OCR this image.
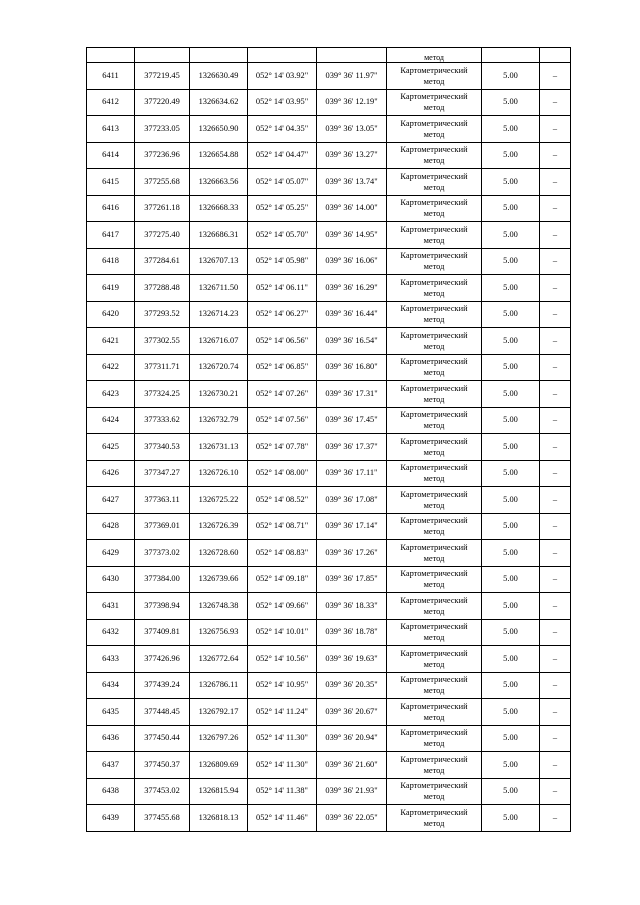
					метод		

6411	377219.45	1326630.49	052° 14' 03.92"	039° 36' 11.97"	Картометрический
метод	5.00	–
6412	377220.49	1326634.62	052° 14' 03.95"	039° 36' 12.19"	Картометрический
метод	5.00	–
6413	377233.05	1326650.90	052° 14' 04.35"	039° 36' 13.05"	Картометрический
метод	5.00	–
6414	377236.96	1326654.88	052° 14' 04.47"	039° 36' 13.27"	Картометрический
метод	5.00	–
6415	377255.68	1326663.56	052° 14' 05.07"	039° 36' 13.74"	Картометрический
метод	5.00	–
6416	377261.18	1326668.33	052° 14' 05.25"	039° 36' 14.00"	Картометрический
метод	5.00	–
6417	377275.40	1326686.31	052° 14' 05.70"	039° 36' 14.95"	Картометрический
метод	5.00	–
6418	377284.61	1326707.13	052° 14' 05.98"	039° 36' 16.06"	Картометрический
метод	5.00	–
6419	377288.48	1326711.50	052° 14' 06.11"	039° 36' 16.29"	Картометрический
метод	5.00	–
6420	377293.52	1326714.23	052° 14' 06.27"	039° 36' 16.44"	Картометрический
метод	5.00	–
6421	377302.55	1326716.07	052° 14' 06.56"	039° 36' 16.54"	Картометрический
метод	5.00	–
6422	377311.71	1326720.74	052° 14' 06.85"	039° 36' 16.80"	Картометрический
метод	5.00	–
6423	377324.25	1326730.21	052° 14' 07.26"	039° 36' 17.31"	Картометрический
метод	5.00	–
6424	377333.62	1326732.79	052° 14' 07.56"	039° 36' 17.45"	Картометрический
метод	5.00	–
6425	377340.53	1326731.13	052° 14' 07.78"	039° 36' 17.37"	Картометрический
метод	5.00	–
6426	377347.27	1326726.10	052° 14' 08.00"	039° 36' 17.11"	Картометрический
метод	5.00	–
6427	377363.11	1326725.22	052° 14' 08.52"	039° 36' 17.08"	Картометрический
метод	5.00	–
6428	377369.01	1326726.39	052° 14' 08.71"	039° 36' 17.14"	Картометрический
метод	5.00	–
6429	377373.02	1326728.60	052° 14' 08.83"	039° 36' 17.26"	Картометрический
метод	5.00	–
6430	377384.00	1326739.66	052° 14' 09.18"	039° 36' 17.85"	Картометрический
метод	5.00	–
6431	377398.94	1326748.38	052° 14' 09.66"	039° 36' 18.33"	Картометрический
метод	5.00	–
6432	377409.81	1326756.93	052° 14' 10.01"	039° 36' 18.78"	Картометрический
метод	5.00	–
6433	377426.96	1326772.64	052° 14' 10.56"	039° 36' 19.63"	Картометрический
метод	5.00	–
6434	377439.24	1326786.11	052° 14' 10.95"	039° 36' 20.35"	Картометрический
метод	5.00	–
6435	377448.45	1326792.17	052° 14' 11.24"	039° 36' 20.67"	Картометрический
метод	5.00	–
6436	377450.44	1326797.26	052° 14' 11.30"	039° 36' 20.94"	Картометрический
метод	5.00	–
6437	377450.37	1326809.69	052° 14' 11.30"	039° 36' 21.60"	Картометрический
метод	5.00	–
6438	377453.02	1326815.94	052° 14' 11.38"	039° 36' 21.93"	Картометрический
метод	5.00	–
6439	377455.68	1326818.13	052° 14' 11.46"	039° 36' 22.05"	Картометрический
метод	5.00	–
